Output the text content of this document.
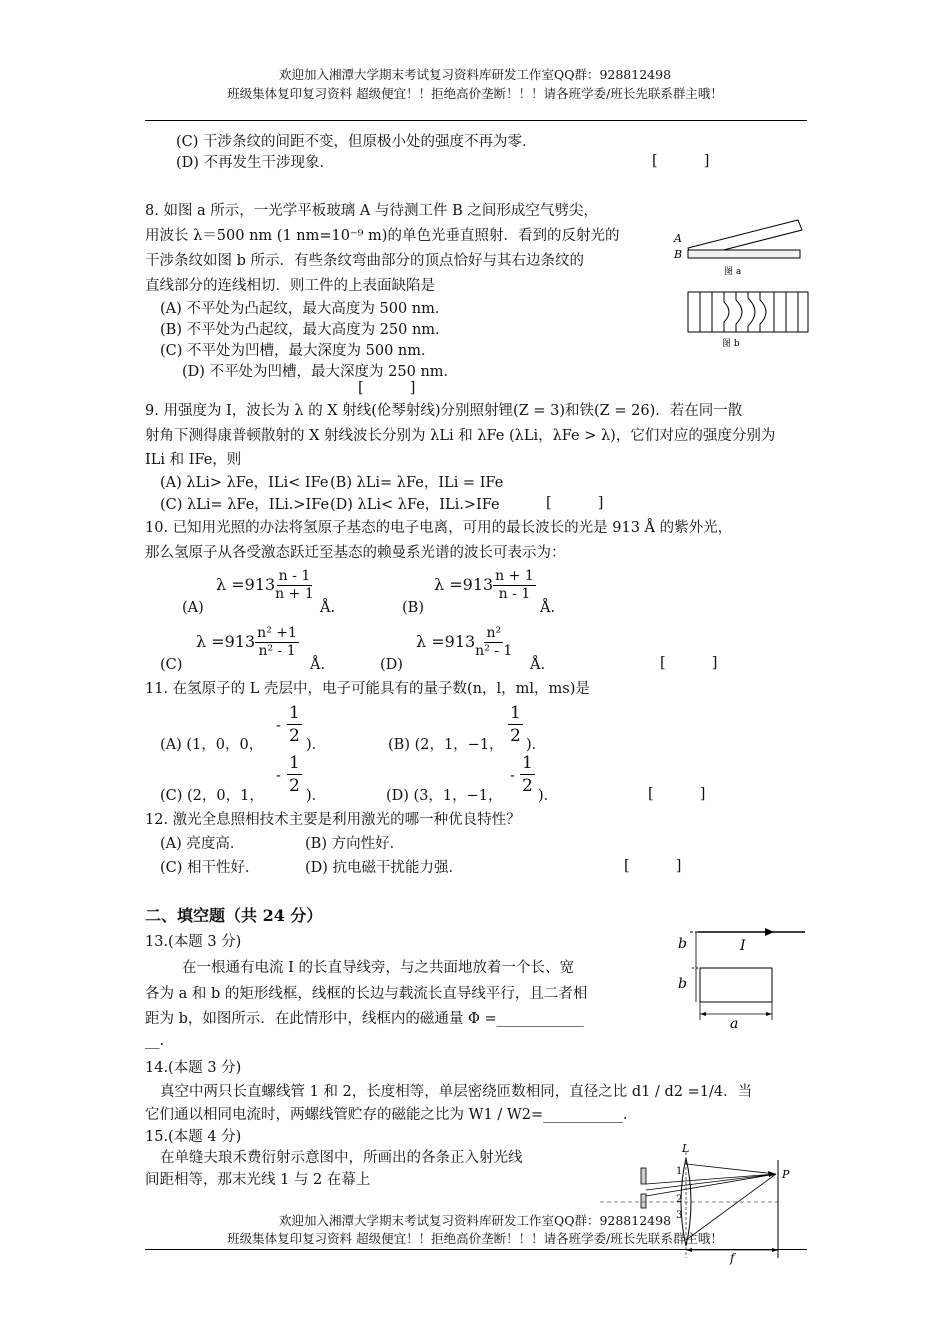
欢迎加入湘潭大学期末考试复习资料库研发工作室QQ群：928812498
班级集体复印复习资料 超级便宜！！拒绝高价垄断！！！请各班学委/班长先联系群主哦！
(C) 干涉条纹的间距不变，但原极小处的强度不再为零．
(D) 不再发生干涉现象．	[          ]
8. 如图 a 所示，一光学平板玻璃 A 与待测工件 B 之间形成空气劈尖，
用波长 λ＝500 nm (1 nm=10⁻⁹ m)的单色光垂直照射．看到的反射光的
干涉条纹如图 b 所示．有些条纹弯曲部分的顶点恰好与其右边条纹的
直线部分的连线相切．则工件的上表面缺陷是
(A) 不平处为凸起纹，最大高度为 500 nm．
(B) 不平处为凸起纹，最大高度为 250 nm．
(C) 不平处为凹槽，最大深度为 500 nm．
(D) 不平处为凹槽，最大深度为 250 nm．
[          ]
A
B
图 a
图 b
9. 用强度为 I，波长为 λ 的 X 射线(伦琴射线)分别照射锂(Z = 3)和铁(Z = 26)．若在同一散
射角下测得康普顿散射的 X 射线波长分别为 λLi 和 λFe (λLi，λFe > λ)，它们对应的强度分别为
ILi 和 IFe，则
(A) λLi> λFe，ILi< IFe (B) λLi= λFe，ILi = IFe
(C) λLi= λFe，ILi.>IFe (D) λLi< λFe，ILi.>IFe	[          ]
10. 已知用光照的办法将氢原子基态的电子电离，可用的最长波长的光是 913 Å 的紫外光，
那么氢原子从各受激态跃迁至基态的赖曼系光谱的波长可表示为：
(A)
$\lambda =913 \frac{n - 1}{n + 1}$
Å.	(B)
$\lambda =913 \frac{n + 1}{n - 1}$
Å.
(C)
$\lambda =913 \frac{\text{n² +1}}{\text{n² - 1}}$
Å.	(D)
$\lambda =913 \frac{\text{n²}}{\text{n² - 1}}$
Å.	[          ]
11. 在氢原子的 L 壳层中，电子可能具有的量子数(n，l，ml，ms)是
(A) (1，0，0，
- $\frac{1}{2}$ )．	(B) (2，1，−1， $\frac{1}{2}$ )．
(C) (2，0，1，
- $\frac{1}{2}$ )．	(D) (3，1，−1，
- $\frac{1}{2}$ )．	[          ]
12. 激光全息照相技术主要是利用激光的哪一种优良特性？
(A) 亮度高．	(B) 方向性好．
(C) 相干性好．	(D) 抗电磁干扰能力强．	[          ]
二、填空题（共 24 分）
13.(本题 3 分)
在一根通有电流 I 的长直导线旁，与之共面地放着一个长、宽
各为 a 和 b 的矩形线框，线框的长边与载流长直导线平行，且二者相
距为 b，如图所示．在此情形中，线框内的磁通量 Φ =____________
__.
b
b
I
a
14.(本题 3 分)
真空中两只长直螺线管 1 和 2，长度相等，单层密绕匝数相同，直径之比 d1 / d2 =1/4．当
它们通以相同电流时，两螺线管贮存的磁能之比为 W1 / W2=___________.
15.(本题 4 分)
在单缝夫琅禾费衍射示意图中，所画出的各条正入射光线
间距相等，那末光线 1 与 2 在幕上
L
P
1
2
3
f
欢迎加入湘潭大学期末考试复习资料库研发工作室QQ群：928812498
班级集体复印复习资料 超级便宜！！拒绝高价垄断！！！请各班学委/班长先联系群主哦！
